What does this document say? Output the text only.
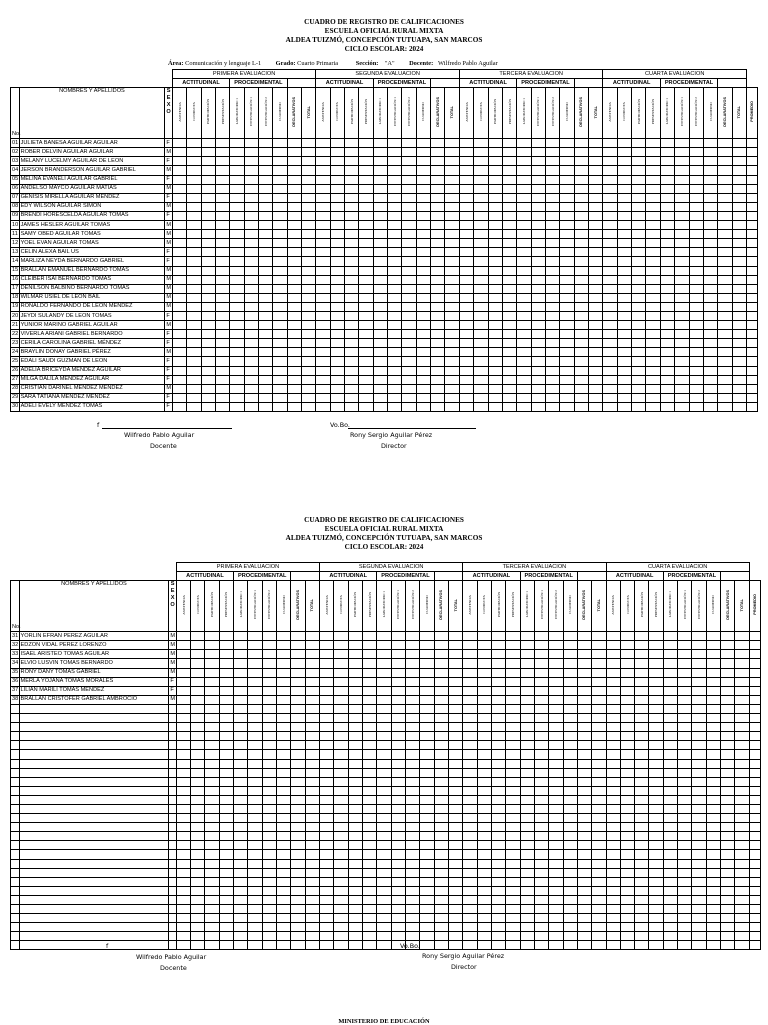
CUADRO DE REGISTRO DE CALIFICACIONES
ESCUELA OFICIAL RURAL MIXTA
ALDEA TUIZMÓ, CONCEPCIÓN TUTUAPA, SAN MARCOS
CICLO ESCOLAR: 2024
Área: Comunicación y lenguaje L-1 Grado: Cuarto Primaria	Sección: "A" Docente: Wilfredo Pablo Aguilar
			PRIMERA EVALUACION										SEGUNDA EVALUACION										TERCERA EVALUACION										CUARTA EVALUACION										
			ACTITUDINAL				PROCEDIMENTAL						ACTITUDINAL				PROCEDIMENTAL						ACTITUDINAL				PROCEDIMENTAL						ACTITUDINAL				PROCEDIMENTAL						
No.	NOMBRES Y APELLIDOS	S
E
X
O	ASISTENCIA	CONDUCTA	PARTICIPACIÓN	PRESENTACIÓN	LABORATORIO 1	INVESTIGACIÓN 1	INVESTIGACIÓN 2	CUADERNO	DECLARATIVOS	TOTAL	ASISTENCIA	CONDUCTA	PARTICIPACIÓN	PRESENTACIÓN	LABORATORIO 1	INVESTIGACIÓN 1	INVESTIGACIÓN 2	CUADERNO	DECLARATIVOS	TOTAL	ASISTENCIA	CONDUCTA	PARTICIPACIÓN	PRESENTACIÓN	LABORATORIO 1	INVESTIGACIÓN 1	INVESTIGACIÓN 2	CUADERNO	DECLARATIVOS	TOTAL	ASISTENCIA	CONDUCTA	PARTICIPACIÓN	PRESENTACIÓN	LABORATORIO 1	INVESTIGACIÓN 1	INVESTIGACIÓN 2	CUADERNO	DECLARATIVOS	TOTAL	PROMEDIO
01	JULIETA BANESA AGUILAR AGUILAR	F																																									
02	ROBER DELVIN AGUILAR AGUILAR	M																																									
03	MELANY LUCELMY AGUILAR DE LEON	F																																									
04	JERSON BRANDERSON AGUILAR GABRIEL	M																																									
05	MELINA EVANELI AGUILAR GABRIEL	F																																									
06	ANDELSO MAYCO AGUILAR MATIAS	M																																									
07	GENISIS MIRELLA AGUILAR MENDEZ	F																																									
08	EDY WILSON AGUILAR SIMON	M																																									
09	BRENDI HORESCELDA AGUILAR TOMAS	F																																									
10	JAMES HESLER AGUILAR TOMAS	M																																									
11	SAMY OBED AGUILAR TOMAS	M																																									
12	YOEL EVAN AGUILAR TOMAS	M																																									
13	CELIN ALEXA BAIL US	F																																									
14	MARLIZA NEYDA BERNARDO GABRIEL	F																																									
15	BRALLAN EMANUEL BERNARDO TOMÁS	M																																									
16	CLEIBER ISAI BERNARDO TOMÁS	M																																									
17	DENILSON BALBINO BERNARDO TOMÁS	M																																									
18	WILMAR USIEL DE LEÓN BAIL	M																																									
19	RONALDO FERNANDO DE LEON MENDEZ	M																																									
20	JEYDI SULANDY DE LEON TOMAS	F																																									
21	YUNIOR MARINO GABRIEL AGUILAR	M																																									
22	VIVERLA ARIANI GABRIEL BERNARDO	F																																									
23	CERILA CAROLINA GABRIEL MÉNDEZ	F																																									
24	BRAYLIN DONAY GABRIEL PÉREZ	M																																									
25	EDALI SAUDI GUZMAN DE LEON	F																																									
26	ADELIA BRICEYDA MÉNDEZ AGUILAR	F																																									
27	MILGA DALILA MÉNDEZ AGUILAR	F																																									
28	CRISTIAN DARINEL MENDEZ MENDEZ	M																																									
29	SARA TATIANA MÉNDEZ MÉNDEZ	F																																									
30	ADELI EVELY MÉNDEZ TOMÁS	F																																									
f
Wilfredo Pablo Aguilar
Docente
Vo.Bo.
Rony Sergio Aguilar Pérez
Director
CUADRO DE REGISTRO DE CALIFICACIONES
ESCUELA OFICIAL RURAL MIXTA
ALDEA TUIZMÓ, CONCEPCIÓN TUTUAPA, SAN MARCOS
CICLO ESCOLAR: 2024
			PRIMERA EVALUACION										SEGUNDA EVALUACION										TERCERA EVALUACION										CUARTA EVALUACION										
			ACTITUDINAL				PROCEDIMENTAL						ACTITUDINAL				PROCEDIMENTAL						ACTITUDINAL				PROCEDIMENTAL						ACTITUDINAL				PROCEDIMENTAL						
No.	NOMBRES Y APELLIDOS	S
E
X
O	ASISTENCIA	CONDUCTA	PARTICIPACIÓN	PRESENTACIÓN	LABORATORIO 1	INVESTIGACIÓN 1	INVESTIGACIÓN 2	CUADERNO	DECLARATIVOS	TOTAL	ASISTENCIA	CONDUCTA	PARTICIPACIÓN	PRESENTACIÓN	LABORATORIO 1	INVESTIGACIÓN 1	INVESTIGACIÓN 2	CUADERNO	DECLARATIVOS	TOTAL	ASISTENCIA	CONDUCTA	PARTICIPACIÓN	PRESENTACIÓN	LABORATORIO 1	INVESTIGACIÓN 1	INVESTIGACIÓN 2	CUADERNO	DECLARATIVOS	TOTAL	ASISTENCIA	CONDUCTA	PARTICIPACIÓN	PRESENTACIÓN	LABORATORIO 1	INVESTIGACIÓN 1	INVESTIGACIÓN 2	CUADERNO	DECLARATIVOS	TOTAL	PROMEDIO
31	YORLIN EFRAN PEREZ AGUILAR	M																																									
32	EDZON VIDAL PEREZ LORENZO	M																																									
33	ISAEL ARISTEO TOMAS AGUILAR	M																																									
34	ELVIO LUSVIN TOMAS BERNARDO	M																																									
35	RONY DANY TOMAS GABRIEL	M																																									
36	MERLA YOJANA TOMAS MORALES	F																																									
37	LILIAN MARILI TOMAS MENDEZ	F																																									
38	BRALLAN CRISTOFER GABRIEL AMBROCIO	M																																									

f
Wilfredo Pablo Aguilar
Docente
Vo.Bo.
Rony Sergio Aguilar Pérez
Director
MINISTERIO DE EDUCACIÓN
